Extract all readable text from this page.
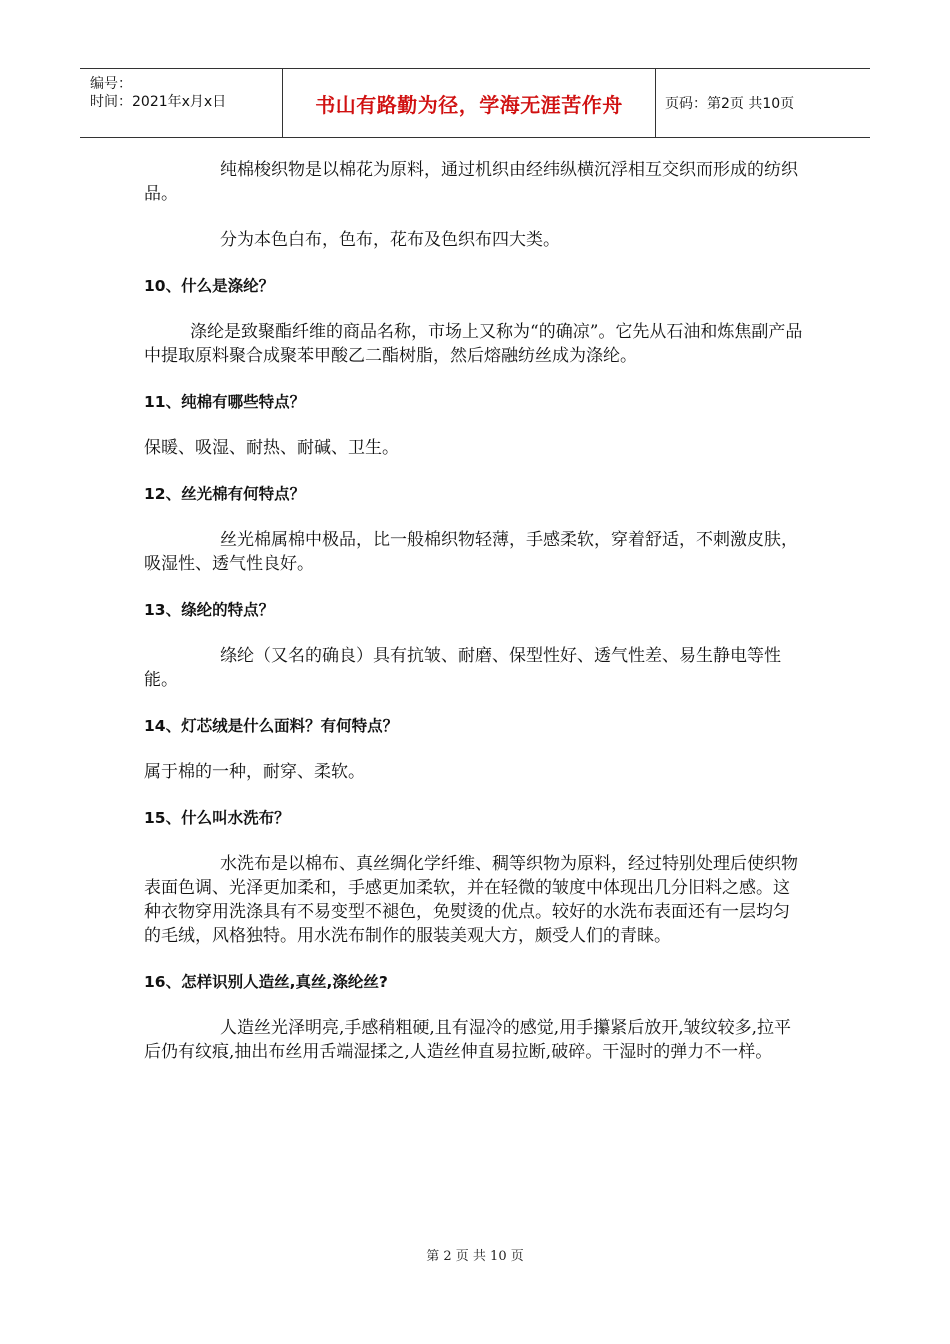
编号：
时间：2021年x月x日	书山有路勤为径，学海无涯苦作舟	页码：第2页 共10页

纯棉梭织物是以棉花为原料，通过机织由经纬纵横沉浮相互交织而形成的纺织品。

分为本色白布，色布，花布及色织布四大类。

10、什么是涤纶？

涤纶是致聚酯纤维的商品名称，市场上又称为“的确凉”。它先从石油和炼焦副产品中提取原料聚合成聚苯甲酸乙二酯树脂，然后熔融纺丝成为涤纶。

11、纯棉有哪些特点？

保暖、吸湿、耐热、耐碱、卫生。

12、丝光棉有何特点？

丝光棉属棉中极品，比一般棉织物轻薄，手感柔软，穿着舒适，不刺激皮肤，吸湿性、透气性良好。

13、绦纶的特点？

绦纶（又名的确良）具有抗皱、耐磨、保型性好、透气性差、易生静电等性能。

14、灯芯绒是什么面料？有何特点？

属于棉的一种，耐穿、柔软。

15、什么叫水洗布？

水洗布是以棉布、真丝绸化学纤维、稠等织物为原料，经过特别处理后使织物表面色调、光泽更加柔和，手感更加柔软，并在轻微的皱度中体现出几分旧料之感。这种衣物穿用洗涤具有不易变型不褪色，免熨烫的优点。较好的水洗布表面还有一层均匀的毛绒，风格独特。用水洗布制作的服装美观大方，颇受人们的青睐。

16、怎样识别人造丝,真丝,涤纶丝?

人造丝光泽明亮,手感稍粗硬,且有湿冷的感觉,用手攥紧后放开,皱纹较多,拉平后仍有纹痕,抽出布丝用舌端湿揉之,人造丝伸直易拉断,破碎。干湿时的弹力不一样。

第 2 页 共 10 页
